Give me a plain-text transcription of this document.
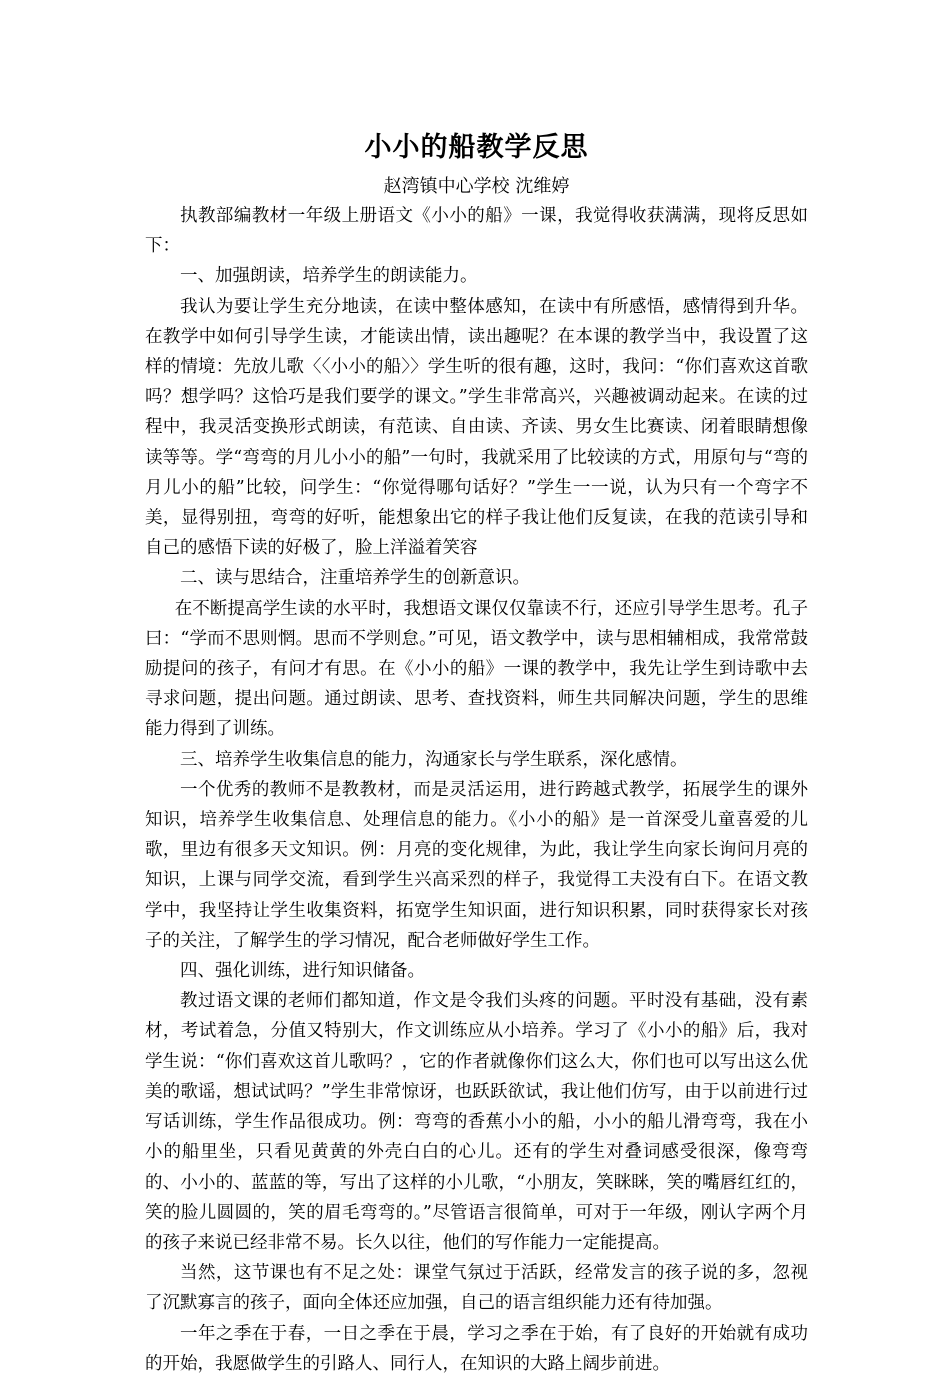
小小的船教学反思

赵湾镇中心学校 沈维婷

执教部编教材一年级上册语文《小小的船》一课，我觉得收获满满，现将反思如下：

一、加强朗读，培养学生的朗读能力。

我认为要让学生充分地读，在读中整体感知，在读中有所感悟，感情得到升华。在教学中如何引导学生读，才能读出情，读出趣呢？在本课的教学当中，我设置了这样的情境：先放儿歌〈〈小小的船〉〉学生听的很有趣，这时，我问：“你们喜欢这首歌吗？想学吗？这恰巧是我们要学的课文。”学生非常高兴，兴趣被调动起来。在读的过程中，我灵活变换形式朗读，有范读、自由读、齐读、男女生比赛读、闭着眼睛想像读等等。学“弯弯的月儿小小的船”一句时，我就采用了比较读的方式，用原句与“弯的月儿小的船”比较，问学生：“你觉得哪句话好？”学生一一说，认为只有一个弯字不美，显得别扭，弯弯的好听，能想象出它的样子我让他们反复读，在我的范读引导和自己的感悟下读的好极了，脸上洋溢着笑容

二、读与思结合，注重培养学生的创新意识。

在不断提高学生读的水平时，我想语文课仅仅靠读不行，还应引导学生思考。孔子曰：“学而不思则惘。思而不学则怠。”可见，语文教学中，读与思相辅相成，我常常鼓励提问的孩子，有问才有思。在《小小的船》一课的教学中，我先让学生到诗歌中去寻求问题，提出问题。通过朗读、思考、查找资料，师生共同解决问题，学生的思维能力得到了训练。

三、培养学生收集信息的能力，沟通家长与学生联系，深化感情。

一个优秀的教师不是教教材，而是灵活运用，进行跨越式教学，拓展学生的课外知识，培养学生收集信息、处理信息的能力。《小小的船》是一首深受儿童喜爱的儿歌，里边有很多天文知识。例：月亮的变化规律，为此，我让学生向家长询问月亮的知识，上课与同学交流，看到学生兴高采烈的样子，我觉得工夫没有白下。在语文教学中，我坚持让学生收集资料，拓宽学生知识面，进行知识积累，同时获得家长对孩子的关注，了解学生的学习情况，配合老师做好学生工作。

四、强化训练，进行知识储备。

教过语文课的老师们都知道，作文是令我们头疼的问题。平时没有基础，没有素材，考试着急，分值又特别大，作文训练应从小培养。学习了《小小的船》后，我对学生说：“你们喜欢这首儿歌吗？，它的作者就像你们这么大，你们也可以写出这么优美的歌谣，想试试吗？”学生非常惊讶，也跃跃欲试，我让他们仿写，由于以前进行过写话训练，学生作品很成功。例：弯弯的香蕉小小的船，小小的船儿滑弯弯，我在小小的船里坐，只看见黄黄的外壳白白的心儿。还有的学生对叠词感受很深，像弯弯的、小小的、蓝蓝的等，写出了这样的小儿歌，“小朋友，笑眯眯，笑的嘴唇红红的，笑的脸儿圆圆的，笑的眉毛弯弯的。”尽管语言很简单，可对于一年级，刚认字两个月的孩子来说已经非常不易。长久以往，他们的写作能力一定能提高。

当然，这节课也有不足之处：课堂气氛过于活跃，经常发言的孩子说的多，忽视了沉默寡言的孩子，面向全体还应加强，自己的语言组织能力还有待加强。

一年之季在于春，一日之季在于晨，学习之季在于始，有了良好的开始就有成功的开始，我愿做学生的引路人、同行人，在知识的大路上阔步前进。
